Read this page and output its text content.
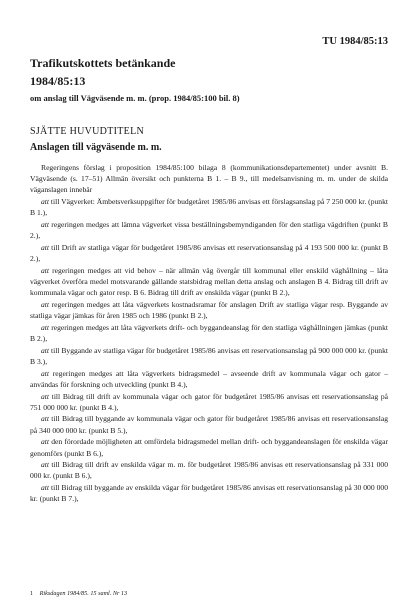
TU 1984/85:13
Trafikutskottets betänkande
1984/85:13
om anslag till Vägväsende m. m. (prop. 1984/85:100 bil. 8)
SJÄTTE HUVUDTITELN
Anslagen till vägväsende m. m.

Regeringens förslag i proposition 1984/85:100 bilaga 8 (kommunikationsdepartementet) under avsnitt B. Vägväsende (s. 17–51) Allmän översikt och punkterna B 1. – B 9., till medelsanvisning m. m. under de skilda väganslagen innebär

att till Vägverket: Ämbetsverksuppgifter för budgetåret 1985/86 anvisas ett förslagsanslag på 7 250 000 kr. (punkt B 1.),

att regeringen medges att lämna vägverket vissa beställningsbemyndiganden för den statliga vägdriften (punkt B 2.),

att till Drift av statliga vägar för budgetåret 1985/86 anvisas ett reservationsanslag på 4 193 500 000 kr. (punkt B 2.),

att regeringen medges att vid behov – när allmän väg övergår till kommunal eller enskild väghållning – låta vägverket överföra medel motsvarande gällande statsbidrag mellan detta anslag och anslagen B 4. Bidrag till drift av kommunala vägar och gator resp. B 6. Bidrag till drift av enskilda vägar (punkt B 2.),

att regeringen medges att låta vägverkets kostnadsramar för anslagen Drift av statliga vägar resp. Byggande av statliga vägar jämkas för åren 1985 och 1986 (punkt B 2.),

att regeringen medges att låta vägverkets drift- och byggandeanslag för den statliga väghållningen jämkas (punkt B 2.),

att till Byggande av statliga vägar för budgetåret 1985/86 anvisas ett reservationsanslag på 900 000 000 kr. (punkt B 3.),

att regeringen medges att låta vägverkets bidragsmedel – avseende drift av kommunala vägar och gator – användas för forskning och utveckling (punkt B 4.),

att till Bidrag till drift av kommunala vägar och gator för budgetåret 1985/86 anvisas ett reservationsanslag på 751 000 000 kr. (punkt B 4.),

att till Bidrag till byggande av kommunala vägar och gator för budgetåret 1985/86 anvisas ett reservationsanslag på 340 000 000 kr. (punkt B 5.),

att den förordade möjligheten att omfördela bidragsmedel mellan drift- och byggandeanslagen för enskilda vägar genomförs (punkt B 6.),

att till Bidrag till drift av enskilda vägar m. m. för budgetåret 1985/86 anvisas ett reservationsanslag på 331 000 000 kr. (punkt B 6.),

att till Bidrag till byggande av enskilda vägar för budgetåret 1985/86 anvisas ett reservationsanslag på 30 000 000 kr. (punkt B 7.),

1 Riksdagen 1984/85. 15 saml. Nr 13
